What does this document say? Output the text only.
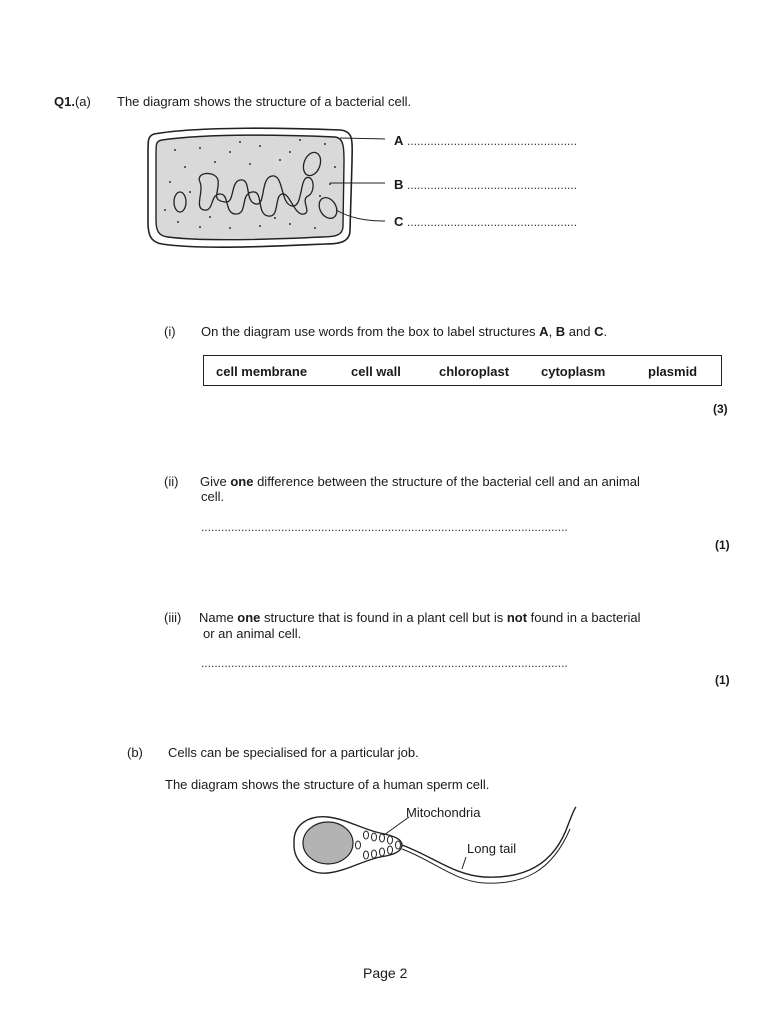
Q1.(a) The diagram shows the structure of a bacterial cell.
A ...................................................
B ...................................................
C ...................................................
(i) On the diagram use words from the box to label structures A, B and C.
cell membrane	cell wall	chloroplast cytoplasm	plasmid
(3)
(ii) Give one difference between the structure of the bacterial cell and an animal
cell.
..............................................................................................................
(1)
(iii) Name one structure that is found in a plant cell but is not found in a bacterial
or an animal cell.
..............................................................................................................
(1)
(b) Cells can be specialised for a particular job.
The diagram shows the structure of a human sperm cell.
Mitochondria
Long tail
Page 2
